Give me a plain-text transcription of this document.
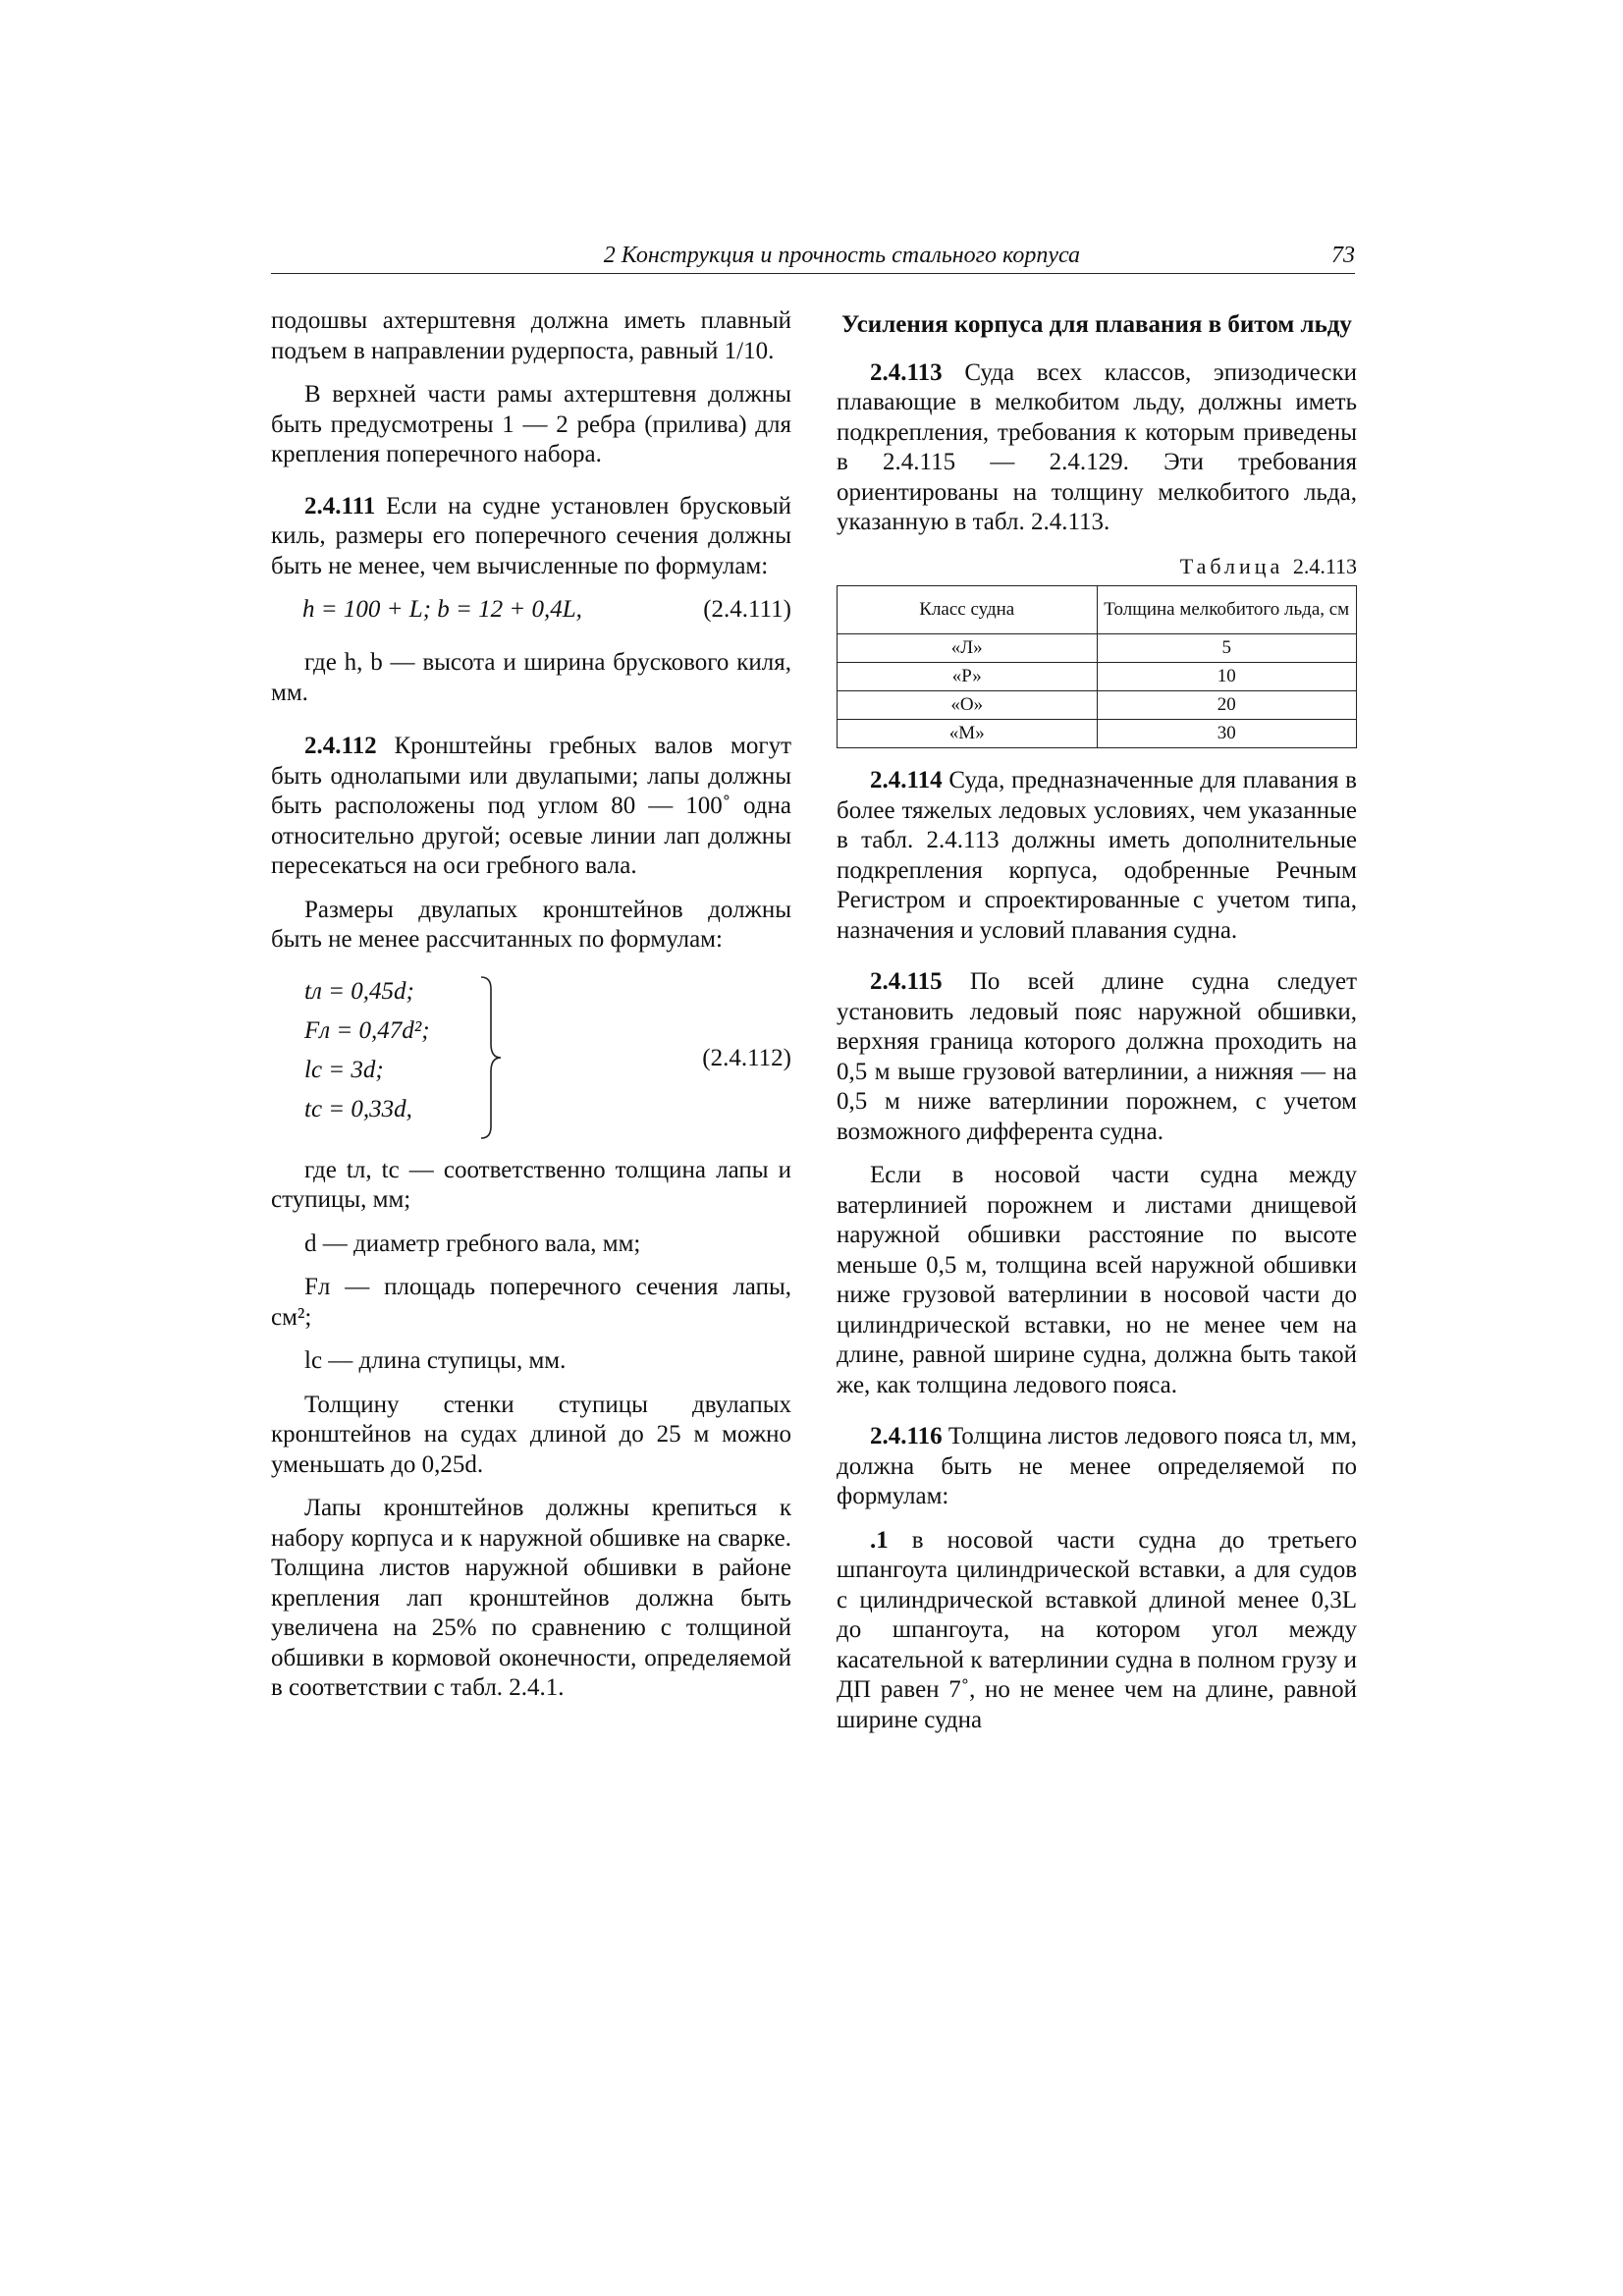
2 Конструкция и прочность стального корпуса	73

подошвы ахтерштевня должна иметь плавный подъем в направлении рудерпоста, равный 1/10.

В верхней части рамы ахтерштевня должны быть предусмотрены 1 — 2 ребра (прилива) для крепления поперечного набора.

2.4.111 Если на судне установлен брусковый киль, размеры его поперечного сечения должны быть не менее, чем вычисленные по формулам:

h = 100 + L; b = 12 + 0,4L,	(2.4.111)

где h, b — высота и ширина брускового киля, мм.

2.4.112 Кронштейны гребных валов могут быть однолапыми или двулапыми; лапы должны быть расположены под углом 80 — 100˚ одна относительно другой; осевые линии лап должны пересекаться на оси гребного вала.

Размеры двулапых кронштейнов должны быть не менее рассчитанных по формулам:

tл = 0,45d;
Fл = 0,47d²;
lс = 3d;
tс = 0,33d,
(2.4.112)

где tл, tс — соответственно толщина лапы и ступицы, мм;

d — диаметр гребного вала, мм;

Fл — площадь поперечного сечения лапы, см²;

lс — длина ступицы, мм.

Толщину стенки ступицы двулапых кронштейнов на судах длиной до 25 м можно уменьшать до 0,25d.

Лапы кронштейнов должны крепиться к набору корпуса и к наружной обшивке на сварке. Толщина листов наружной обшивки в районе крепления лап кронштейнов должна быть увеличена на 25% по сравнению с толщиной обшивки в кормовой оконечности, определяемой в соответствии с табл. 2.4.1.

Усиления корпуса для плавания в битом льду

2.4.113 Суда всех классов, эпизодически плавающие в мелкобитом льду, должны иметь подкрепления, требования к которым приведены в 2.4.115 — 2.4.129. Эти требования ориентированы на толщину мелкобитого льда, указанную в табл. 2.4.113.

Таблица 2.4.113
Класс судна	Толщина мелкобитого льда, см
«Л»	5
«Р»	10
«О»	20
«М»	30

2.4.114 Суда, предназначенные для плавания в более тяжелых ледовых условиях, чем указанные в табл. 2.4.113 должны иметь дополнительные подкрепления корпуса, одобренные Речным Регистром и спроектированные с учетом типа, назначения и условий плавания судна.

2.4.115 По всей длине судна следует установить ледовый пояс наружной обшивки, верхняя граница которого должна проходить на 0,5 м выше грузовой ватерлинии, а нижняя — на 0,5 м ниже ватерлинии порожнем, с учетом возможного дифферента судна.

Если в носовой части судна между ватерлинией порожнем и листами днищевой наружной обшивки расстояние по высоте меньше 0,5 м, толщина всей наружной обшивки ниже грузовой ватерлинии в носовой части до цилиндрической вставки, но не менее чем на длине, равной ширине судна, должна быть такой же, как толщина ледового пояса.

2.4.116 Толщина листов ледового пояса tл, мм, должна быть не менее определяемой по формулам:

.1 в носовой части судна до третьего шпангоута цилиндрической вставки, а для судов с цилиндрической вставкой длиной менее 0,3L до шпангоута, на котором угол между касательной к ватерлинии судна в полном грузу и ДП равен 7˚, но не менее чем на длине, равной ширине судна
